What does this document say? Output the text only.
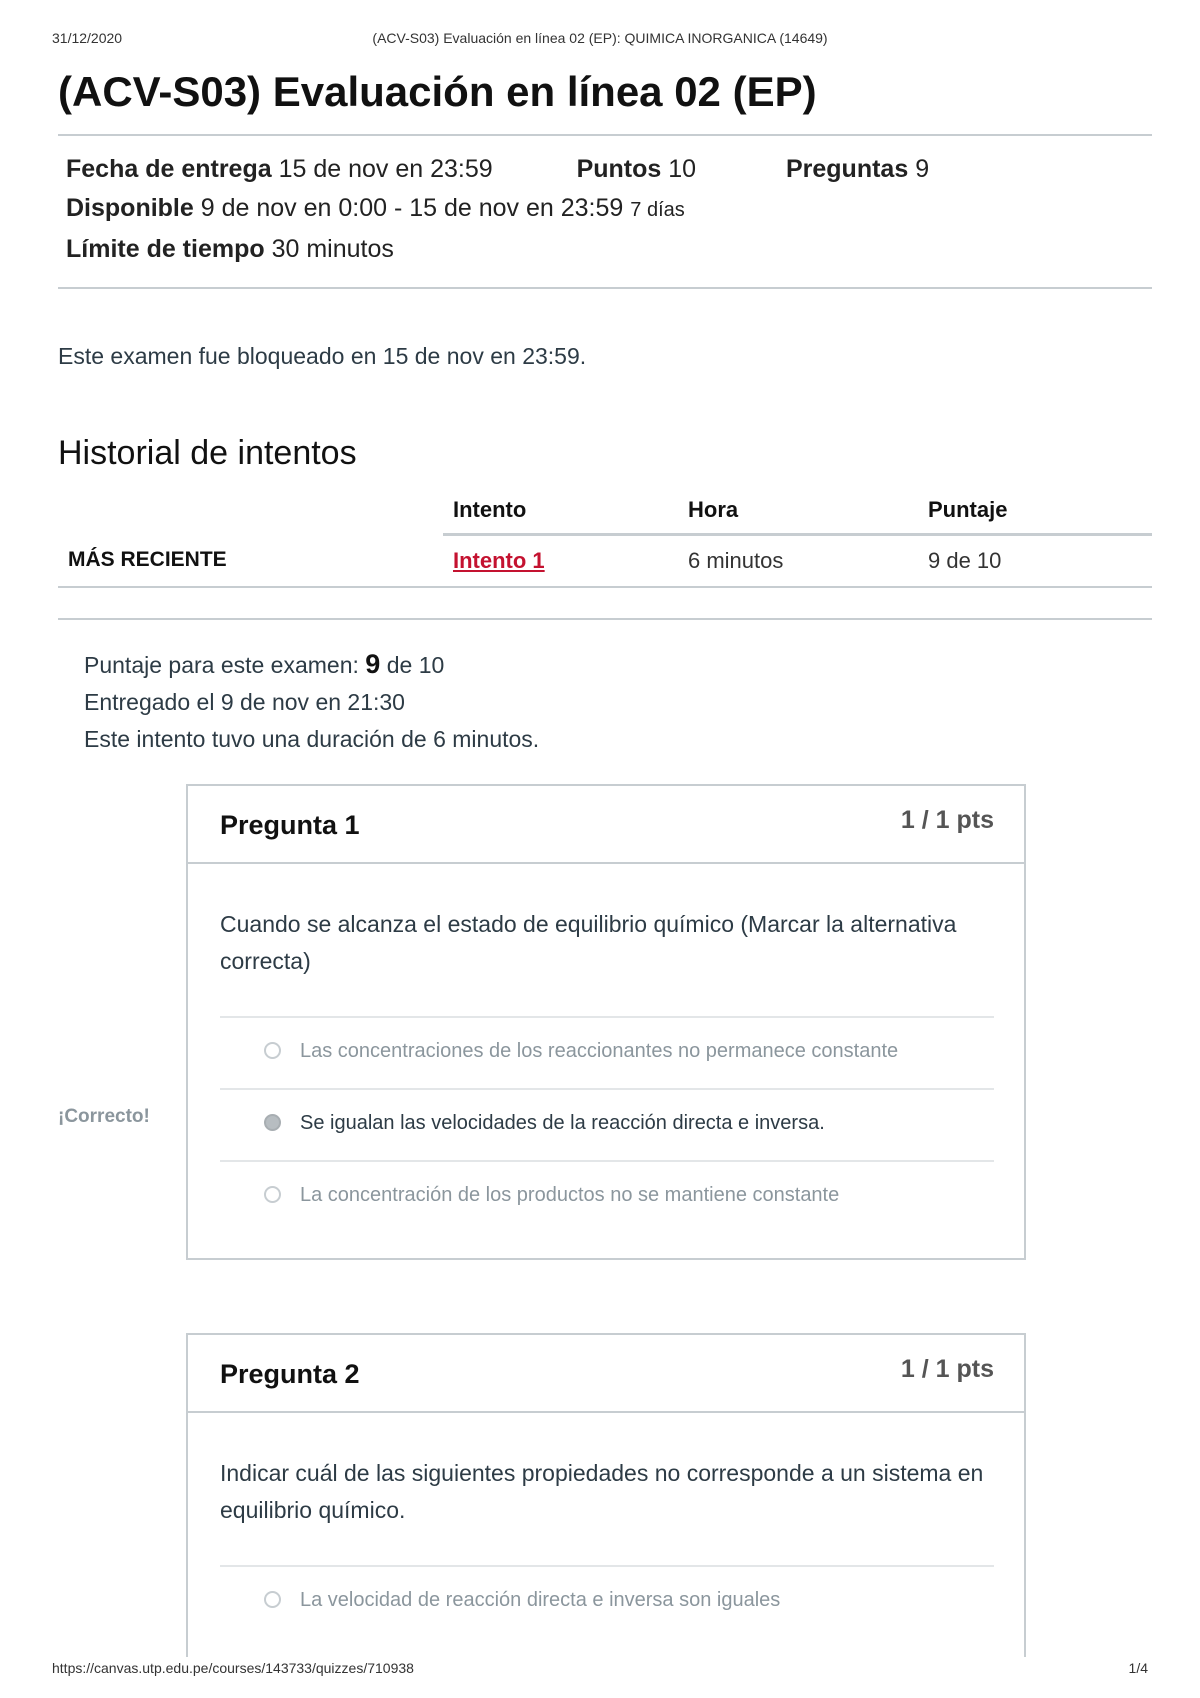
31/12/2020	(ACV-S03) Evaluación en línea 02 (EP): QUIMICA INORGANICA (14649)
(ACV-S03) Evaluación en línea 02 (EP)
Fecha de entrega 15 de nov en 23:59	Puntos 10	Preguntas 9
Disponible 9 de nov en 0:00 - 15 de nov en 23:59 7 días
Límite de tiempo 30 minutos
Este examen fue bloqueado en 15 de nov en 23:59.
Historial de intentos
	Intento	Hora	Puntaje
MÁS RECIENTE	Intento 1	6 minutos	9 de 10
Puntaje para este examen: 9 de 10
Entregado el 9 de nov en 21:30
Este intento tuvo una duración de 6 minutos.
Pregunta 1	1 / 1 pts
Cuando se alcanza el estado de equilibrio químico (Marcar la alternativa correcta)
Las concentraciones de los reaccionantes no permanece constante
Se igualan las velocidades de la reacción directa e inversa.
La concentración de los productos no se mantiene constante
¡Correcto!
Pregunta 2	1 / 1 pts
Indicar cuál de las siguientes propiedades no corresponde a un sistema en equilibrio químico.
La velocidad de reacción directa e inversa son iguales
https://canvas.utp.edu.pe/courses/143733/quizzes/710938	1/4
